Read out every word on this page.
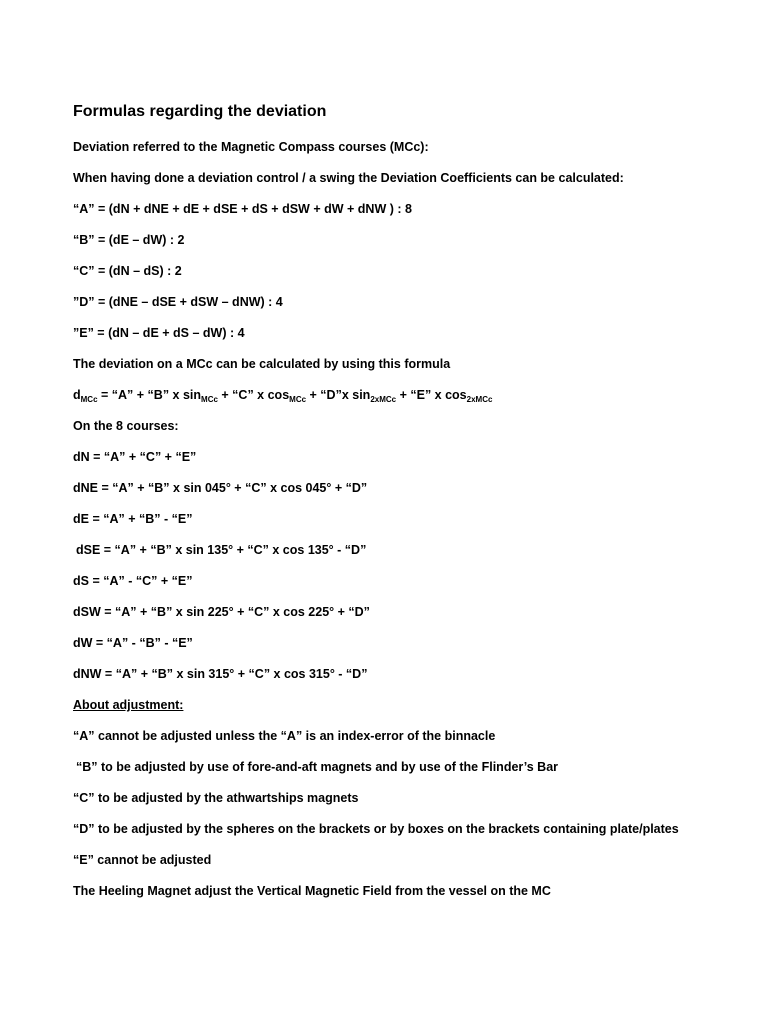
Formulas regarding the deviation
Deviation referred to the Magnetic Compass courses (MCc):
When having done a deviation control / a swing the Deviation Coefficients can be calculated:
“A” = (dN + dNE + dE + dSE + dS + dSW + dW + dNW ) : 8
“B” = (dE – dW) : 2
“C” = (dN – dS) : 2
”D” = (dNE – dSE + dSW – dNW) : 4
”E” = (dN – dE + dS – dW) : 4
The deviation on a MCc can be calculated by using this formula
$d_{MCc}$ = “A” + “B” x $\sin_{MCc}$ + “C” x $\cos_{MCc}$ + “D”x $\sin_{2xMCc}$ + “E” x $\cos_{2xMCc}$
On the 8 courses:
dN = “A” + “C” + “E”
dNE = “A” + “B” x sin 045° + “C” x cos 045° + “D”
dE = “A” + “B” - “E”
dSE = “A” + “B” x sin 135° + “C” x cos 135° - “D”
dS = “A” - “C” + “E”
dSW = “A” + “B” x sin 225° + “C” x cos 225° + “D”
dW = “A” - “B” - “E”
dNW = “A” + “B” x sin 315° + “C” x cos 315° - “D”
About adjustment:
“A” cannot be adjusted unless the “A” is an index-error of the binnacle
“B” to be adjusted by use of fore-and-aft magnets and by use of the Flinder’s Bar
“C” to be adjusted by the athwartships magnets
“D” to be adjusted by the spheres on the brackets or by boxes on the brackets containing plate/plates
“E” cannot be adjusted
The Heeling Magnet adjust the Vertical Magnetic Field from the vessel on the MC
